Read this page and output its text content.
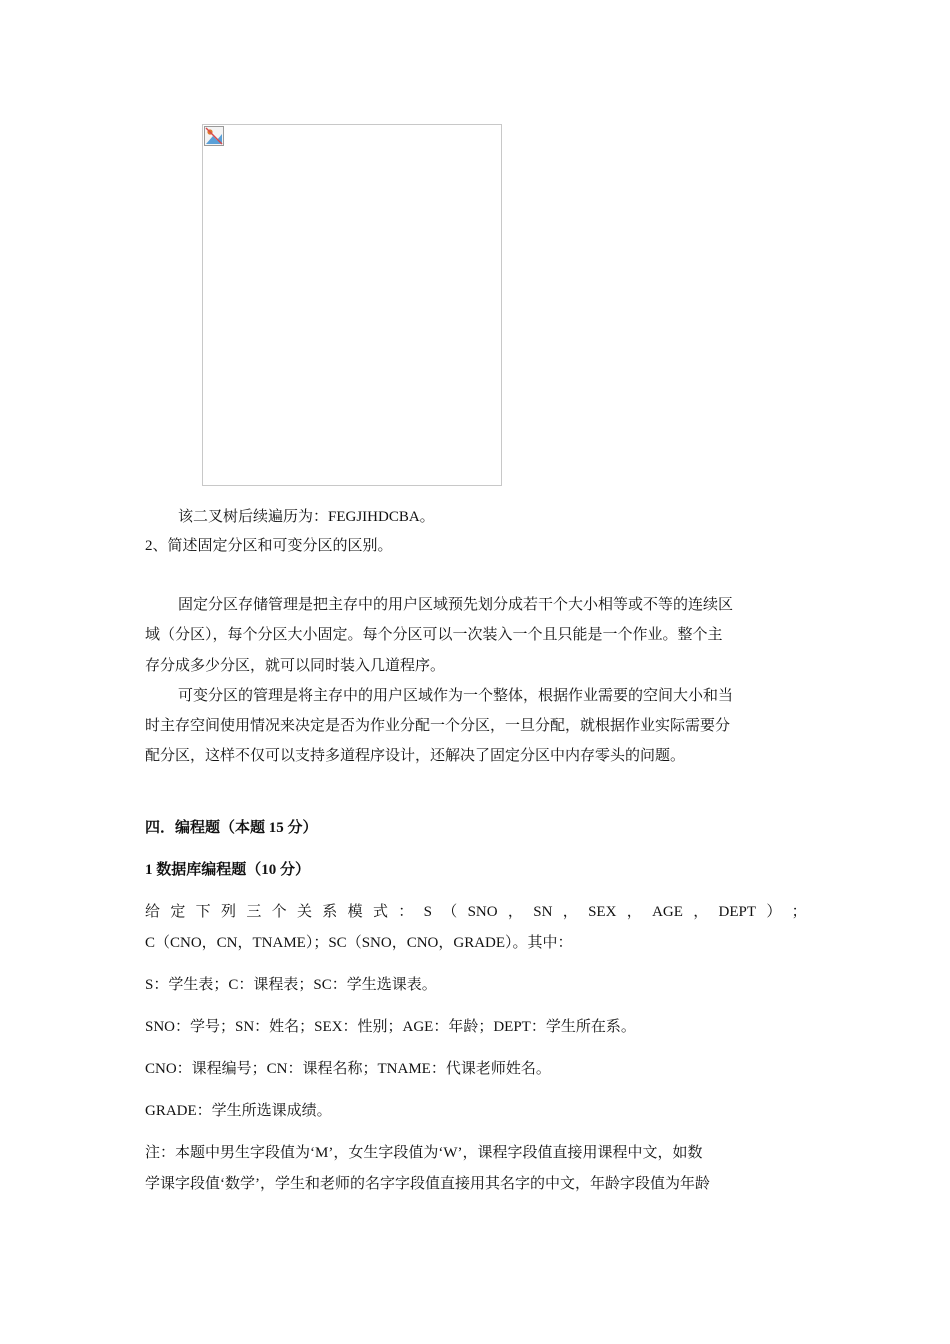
该二叉树后续遍历为：FEGJIHDCBA。
2、简述固定分区和可变分区的区别。
固定分区存储管理是把主存中的用户区域预先划分成若干个大小相等或不等的连续区
域（分区），每个分区大小固定。每个分区可以一次装入一个且只能是一个作业。整个主
存分成多少分区，就可以同时装入几道程序。
可变分区的管理是将主存中的用户区域作为一个整体，根据作业需要的空间大小和当
时主存空间使用情况来决定是否为作业分配一个分区，一旦分配，就根据作业实际需要分
配分区，这样不仅可以支持多道程序设计，还解决了固定分区中内存零头的问题。
四．编程题（本题 15 分）
1 数据库编程题（10 分）
给 定 下 列 三 个 关 系 模 式 ： S （ SNO ， SN ， SEX ， AGE ， DEPT ） ；
C（CNO，CN，TNAME）；SC（SNO，CNO，GRADE）。其中：
S：学生表；C：课程表；SC：学生选课表。
SNO：学号；SN：姓名；SEX：性别；AGE：年龄；DEPT：学生所在系。
CNO：课程编号；CN：课程名称；TNAME：代课老师姓名。
GRADE：学生所选课成绩。
注：本题中男生字段值为‘M’，女生字段值为‘W’，课程字段值直接用课程中文，如数
学课字段值‘数学’，学生和老师的名字字段值直接用其名字的中文，年龄字段值为年龄
